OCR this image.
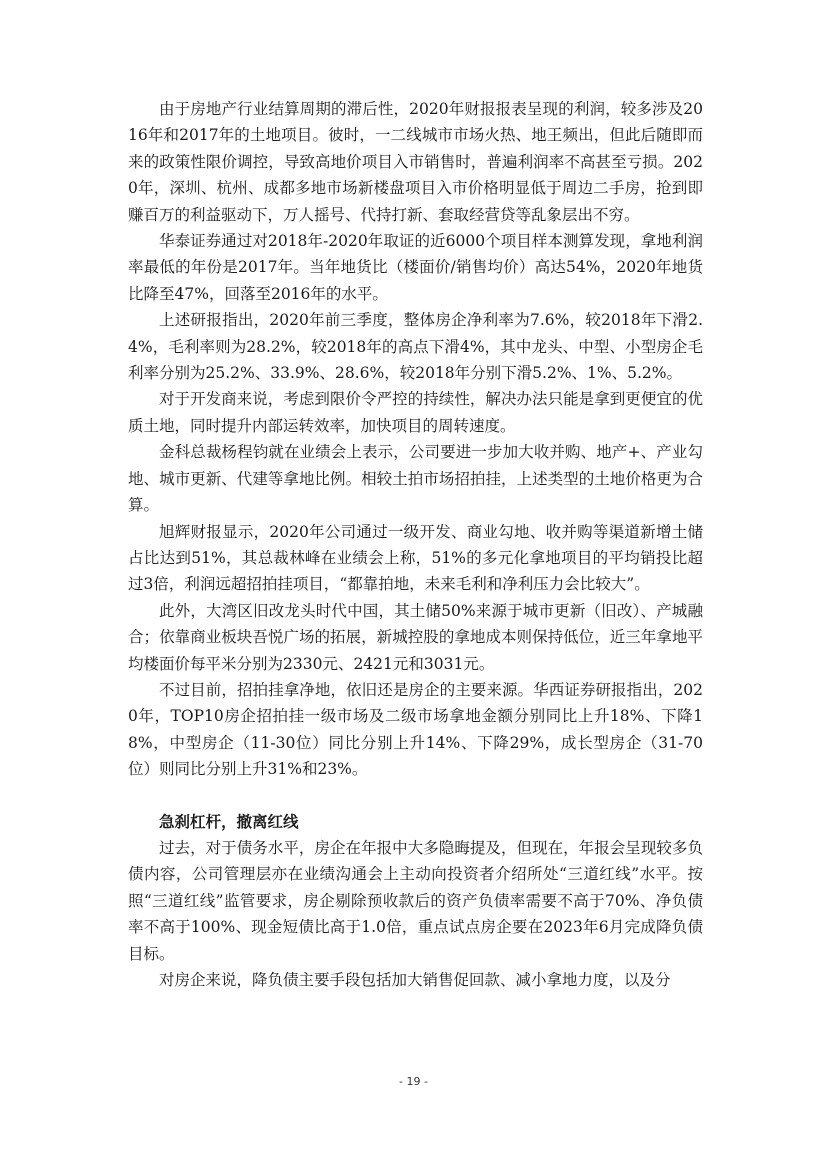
由于房地产行业结算周期的滞后性，2020年财报报表呈现的利润，较多涉及2016年和2017年的土地项目。彼时，一二线城市市场火热、地王频出，但此后随即而来的政策性限价调控，导致高地价项目入市销售时，普遍利润率不高甚至亏损。2020年，深圳、杭州、成都多地市场新楼盘项目入市价格明显低于周边二手房，抢到即赚百万的利益驱动下，万人摇号、代持打新、套取经营贷等乱象层出不穷。

华泰证券通过对2018年-2020年取证的近6000个项目样本测算发现，拿地利润率最低的年份是2017年。当年地货比（楼面价/销售均价）高达54%，2020年地货比降至47%，回落至2016年的水平。

上述研报指出，2020年前三季度，整体房企净利率为7.6%，较2018年下滑2.4%，毛利率则为28.2%，较2018年的高点下滑4%，其中龙头、中型、小型房企毛利率分别为25.2%、33.9%、28.6%，较2018年分别下滑5.2%、1%、5.2%。

对于开发商来说，考虑到限价令严控的持续性，解决办法只能是拿到更便宜的优质土地，同时提升内部运转效率，加快项目的周转速度。

金科总裁杨程钧就在业绩会上表示，公司要进一步加大收并购、地产+、产业勾地、城市更新、代建等拿地比例。相较土拍市场招拍挂，上述类型的土地价格更为合算。

旭辉财报显示，2020年公司通过一级开发、商业勾地、收并购等渠道新增土储占比达到51%，其总裁林峰在业绩会上称，51%的多元化拿地项目的平均销投比超过3倍，利润远超招拍挂项目，“都靠拍地，未来毛利和净利压力会比较大”。

此外，大湾区旧改龙头时代中国，其土储50%来源于城市更新（旧改）、产城融合；依靠商业板块吾悦广场的拓展，新城控股的拿地成本则保持低位，近三年拿地平均楼面价每平米分别为2330元、2421元和3031元。

不过目前，招拍挂拿净地，依旧还是房企的主要来源。华西证券研报指出，2020年，TOP10房企招拍挂一级市场及二级市场拿地金额分别同比上升18%、下降18%，中型房企（11-30位）同比分别上升14%、下降29%，成长型房企（31-70位）则同比分别上升31%和23%。

急刹杠杆，撤离红线

过去，对于债务水平，房企在年报中大多隐晦提及，但现在，年报会呈现较多负债内容，公司管理层亦在业绩沟通会上主动向投资者介绍所处“三道红线”水平。按照“三道红线”监管要求，房企剔除预收款后的资产负债率需要不高于70%、净负债率不高于100%、现金短债比高于1.0倍，重点试点房企要在2023年6月完成降负债目标。

对房企来说，降负债主要手段包括加大销售促回款、减小拿地力度，以及分

- 19 -
